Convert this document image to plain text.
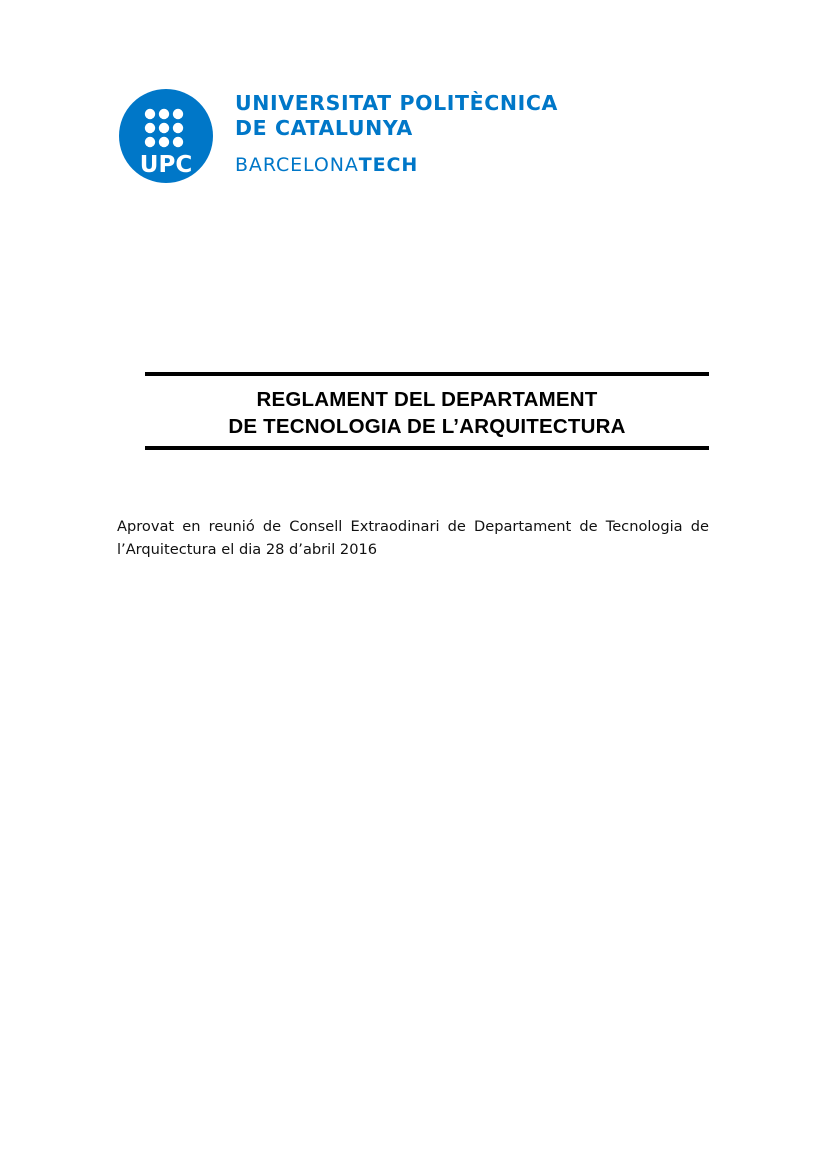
UPC
UNIVERSITAT POLITÈCNICA
DE CATALUNYA
BARCELONATECH
REGLAMENT DEL DEPARTAMENT
DE TECNOLOGIA DE L’ARQUITECTURA
Aprovat en reunió de Consell Extraodinari de Departament de Tecnologia de l’Arquitectura el dia 28 d’abril 2016
